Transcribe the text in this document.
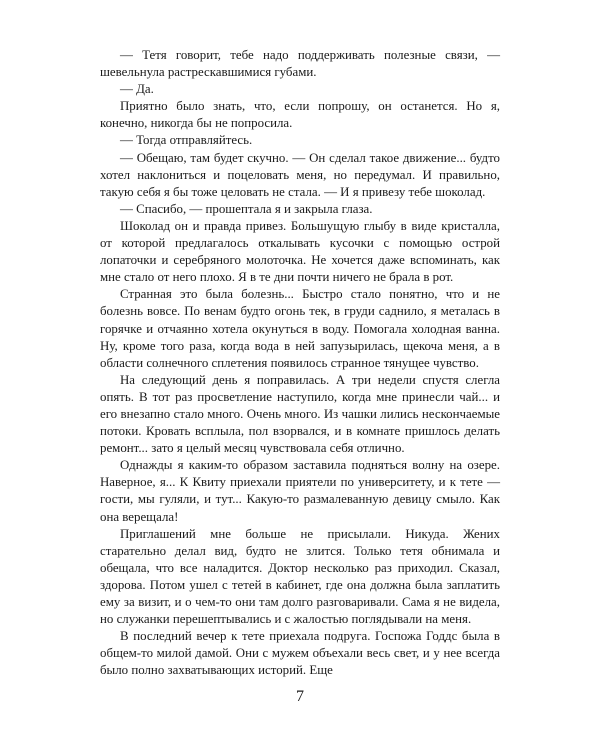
— Тетя говорит, тебе надо поддерживать полезные связи, — шевельнула растрескавшимися губами.

— Да.

Приятно было знать, что, если попрошу, он останется. Но я, конечно, никогда бы не попросила.

— Тогда отправляйтесь.

— Обещаю, там будет скучно. — Он сделал такое движение... будто хотел наклониться и поцеловать меня, но передумал. И правильно, такую себя я бы тоже целовать не стала. — И я привезу тебе шоколад.

— Спасибо, — прошептала я и закрыла глаза.

Шоколад он и правда привез. Большущую глыбу в виде кристалла, от которой предлагалось откалывать кусочки с помощью острой лопаточки и серебряного молоточка. Не хочется даже вспоминать, как мне стало от него плохо. Я в те дни почти ничего не брала в рот.

Странная это была болезнь... Быстро стало понятно, что и не болезнь вовсе. По венам будто огонь тек, в груди саднило, я металась в горячке и отчаянно хотела окунуться в воду. Помогала холодная ванна. Ну, кроме того раза, когда вода в ней запузырилась, щекоча меня, а в области солнечного сплетения появилось странное тянущее чувство.

На следующий день я поправилась. А три недели спустя слегла опять. В тот раз просветление наступило, когда мне принесли чай... и его внезапно стало много. Очень много. Из чашки лились нескончаемые потоки. Кровать всплыла, пол взорвался, и в комнате пришлось делать ремонт... зато я целый месяц чувствовала себя отлично.

Однажды я каким-то образом заставила подняться волну на озере. Наверное, я... К Квиту приехали приятели по университету, и к тете — гости, мы гуляли, и тут... Какую-то размалеванную девицу смыло. Как она верещала!

Приглашений мне больше не присылали. Никуда. Жених старательно делал вид, будто не злится. Только тетя обнимала и обещала, что все наладится. Доктор несколько раз приходил. Сказал, здорова. Потом ушел с тетей в кабинет, где она должна была заплатить ему за визит, и о чем-то они там долго разговаривали. Сама я не видела, но служанки перешептывались и с жалостью поглядывали на меня.

В последний вечер к тете приехала подруга. Госпожа Годдс была в общем-то милой дамой. Они с мужем объехали весь свет, и у нее всегда было полно захватывающих историй. Еще

7
